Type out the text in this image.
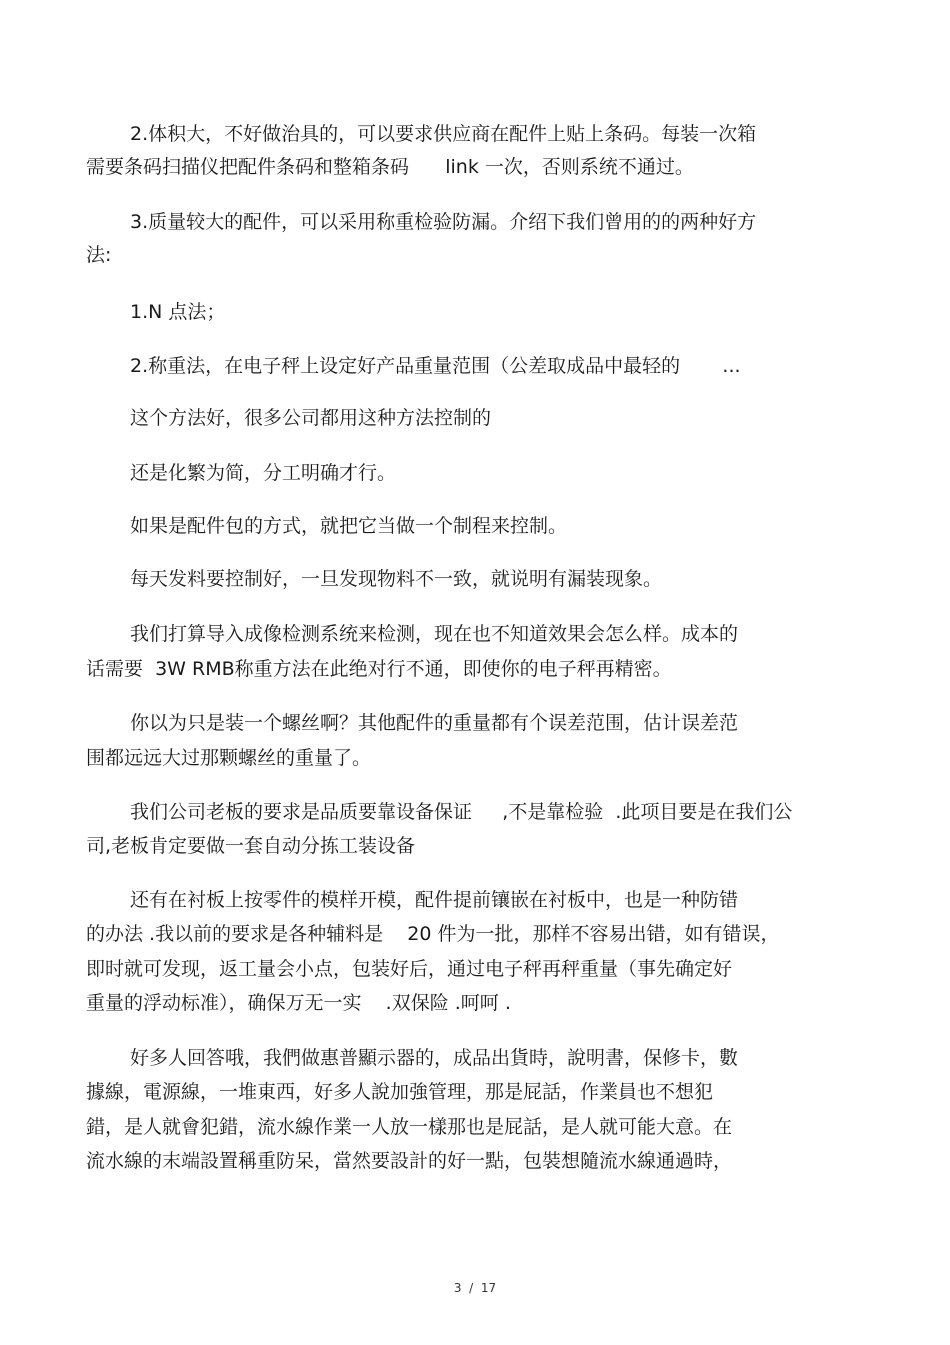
2.体积大，不好做治具的，可以要求供应商在配件上贴上条码。每装一次箱
需要条码扫描仪把配件条码和整箱条码      link 一次，否则系统不通过。
3.质量较大的配件，可以采用称重检验防漏。介绍下我们曾用的的两种好方
法:
1.N 点法；
2.称重法，在电子秤上设定好产品重量范围（公差取成品中最轻的       ...
这个方法好，很多公司都用这种方法控制的
还是化繁为简，分工明确才行。
如果是配件包的方式，就把它当做一个制程来控制。
每天发料要控制好，一旦发现物料不一致，就说明有漏装现象。
我们打算导入成像检测系统来检测，现在也不知道效果会怎么样。成本的
话需要  3W RMB称重方法在此绝对行不通，即使你的电子秤再精密。
你以为只是装一个螺丝啊？其他配件的重量都有个误差范围，估计误差范
围都远远大过那颗螺丝的重量了。
我们公司老板的要求是品质要靠设备保证     ,不是靠检验  .此项目要是在我们公
司,老板肯定要做一套自动分拣工装设备
还有在衬板上按零件的模样开模，配件提前镶嵌在衬板中，也是一种防错
的办法 .我以前的要求是各种辅料是    20 件为一批，那样不容易出错，如有错误，
即时就可发现，返工量会小点，包装好后，通过电子秤再秤重量（事先确定好
重量的浮动标准），确保万无一实    .双保险 .呵呵 .
好多人回答哦，我們做惠普顯示器的，成品出貨時，說明書，保修卡，數
據線，電源線，一堆東西，好多人說加強管理，那是屁話，作業員也不想犯
錯，是人就會犯錯，流水線作業一人放一樣那也是屁話，是人就可能大意。在
流水線的末端設置稱重防呆，當然要設計的好一點，包裝想隨流水線通過時，
3  /  17
